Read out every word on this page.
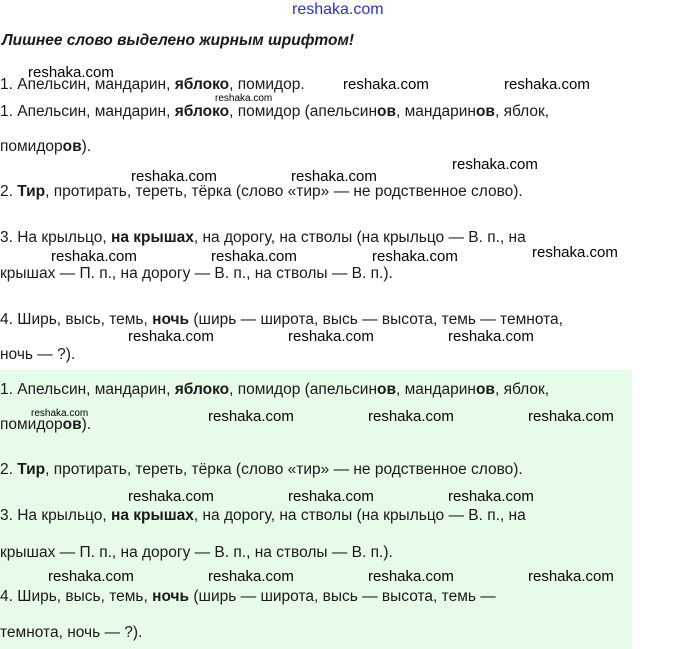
reshaka.com
Лишнее слово выделено жирным шрифтом!
1. Апельсин, мандарин, яблоко, помидор.
1. Апельсин, мандарин, яблоко, помидор (апельсинов, мандаринов, яблок,
помидоров).
2. Тир, протирать, тереть, тёрка (слово «тир» — не родственное слово).
3. На крыльцо, на крышах, на дорогу, на стволы (на крыльцо — В. п., на
крышах — П. п., на дорогу — В. п., на стволы — В. п.).
4. Ширь, высь, темь, ночь (ширь — широта, высь — высота, темь — темнота,
ночь — ?).
1. Апельсин, мандарин, яблоко, помидор (апельсинов, мандаринов, яблок,
помидоров).
2. Тир, протирать, тереть, тёрка (слово «тир» — не родственное слово).
3. На крыльцо, на крышах, на дорогу, на стволы (на крыльцо — В. п., на
крышах — П. п., на дорогу — В. п., на стволы — В. п.).
4. Ширь, высь, темь, ночь (ширь — широта, высь — высота, темь —
темнота, ночь — ?).
reshaka.com
reshaka.com	reshaka.com
reshaka.com
reshaka.com
reshaka.com	reshaka.com
reshaka.com
reshaka.com	reshaka.com	reshaka.com
reshaka.com	reshaka.com	reshaka.com
reshaka.com	reshaka.com	reshaka.com	reshaka.com
reshaka.com	reshaka.com	reshaka.com
reshaka.com	reshaka.com	reshaka.com	reshaka.com
